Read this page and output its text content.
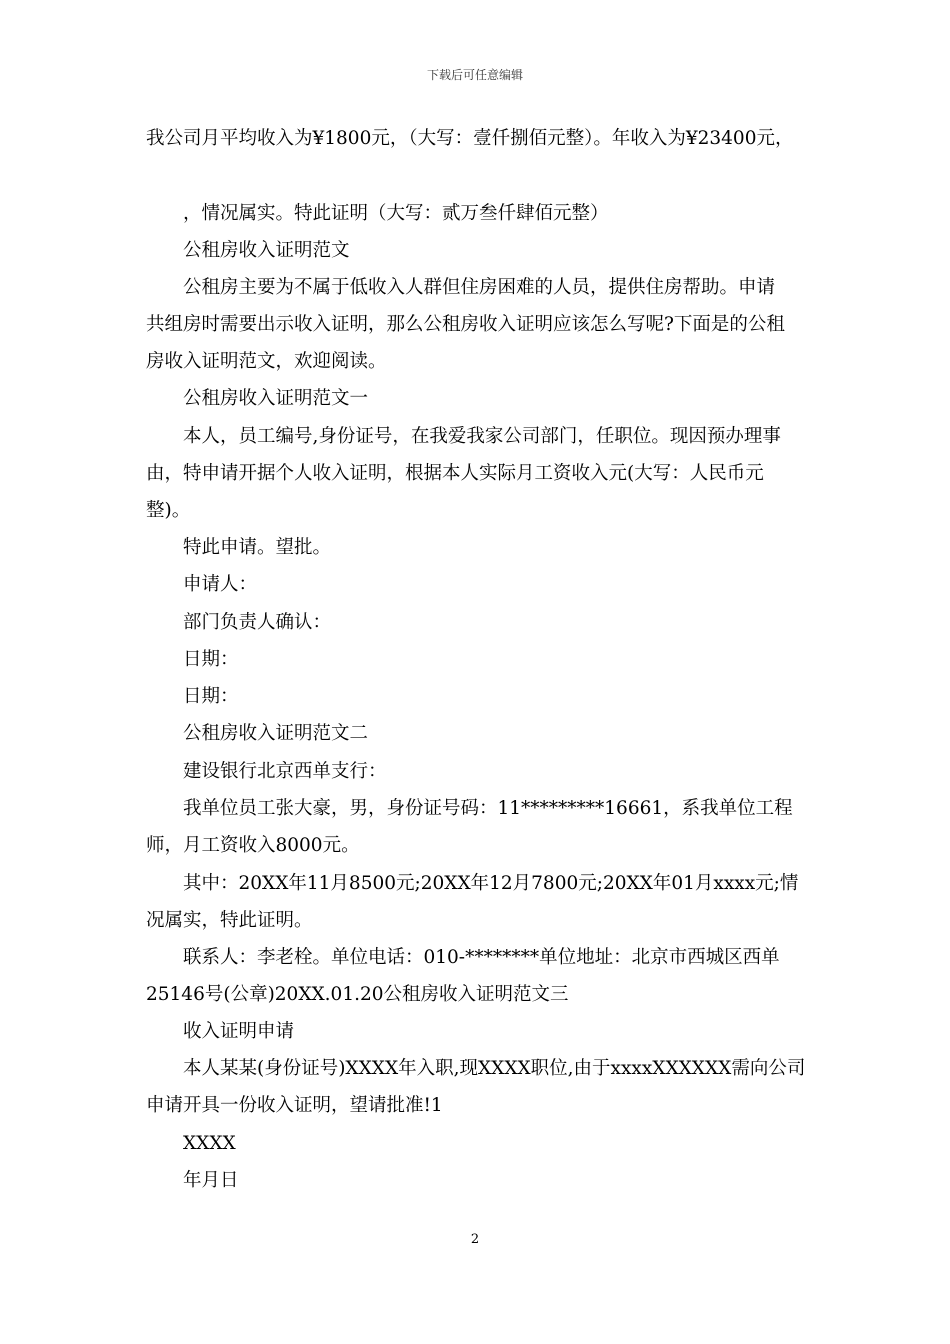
下载后可任意编辑
我公司月平均收入为¥1800元，（大写：壹仟捌佰元整）。年收入为¥23400元，
，情况属实。特此证明（大写：贰万叁仟肆佰元整）
公租房收入证明范文
公租房主要为不属于低收入人群但住房困难的人员，提供住房帮助。申请
共组房时需要出示收入证明，那么公租房收入证明应该怎么写呢?下面是的公租
房收入证明范文，欢迎阅读。
公租房收入证明范文一
本人，员工编号,身份证号，在我爱我家公司部门，任职位。现因预办理事
由，特申请开据个人收入证明，根据本人实际月工资收入元(大写：人民币元
整)。
特此申请。望批。
申请人：
部门负责人确认：
日期：
日期：
公租房收入证明范文二
建设银行北京西单支行：
我单位员工张大豪，男，身份证号码：11*********16661，系我单位工程
师，月工资收入8000元。
其中：20XX年11月8500元;20XX年12月7800元;20XX年01月xxxx元;情
况属实，特此证明。
联系人：李老栓。单位电话：010-********单位地址：北京市西城区西单
25146号(公章)20XX.01.20公租房收入证明范文三
收入证明申请
本人某某(身份证号)XXXX年入职,现XXXX职位,由于xxxxXXXXXX需向公司
申请开具一份收入证明，望请批准!1
XXXX
年月日
2
